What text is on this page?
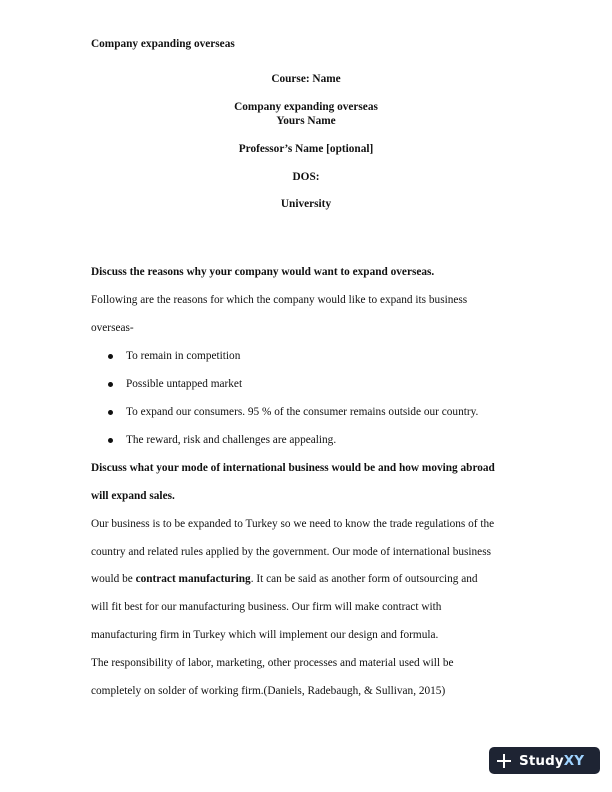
Company expanding overseas
Course: Name
Company expanding overseas
Yours Name
Professor’s Name [optional]
DOS:
University
Discuss the reasons why your company would want to expand overseas.
Following are the reasons for which the company would like to expand its business
overseas-
To remain in competition
Possible untapped market
To expand our consumers. 95 % of the consumer remains outside our country.
The reward, risk and challenges are appealing.
Discuss what your mode of international business would be and how moving abroad
will expand sales.
Our business is to be expanded to Turkey so we need to know the trade regulations of the
country and related rules applied by the government. Our mode of international business
would be contract manufacturing. It can be said as another form of outsourcing and
will fit best for our manufacturing business. Our firm will make contract with
manufacturing firm in Turkey which will implement our design and formula.
The responsibility of labor, marketing, other processes and material used will be
completely on solder of working firm.(Daniels, Radebaugh, & Sullivan, 2015)
StudyXY
